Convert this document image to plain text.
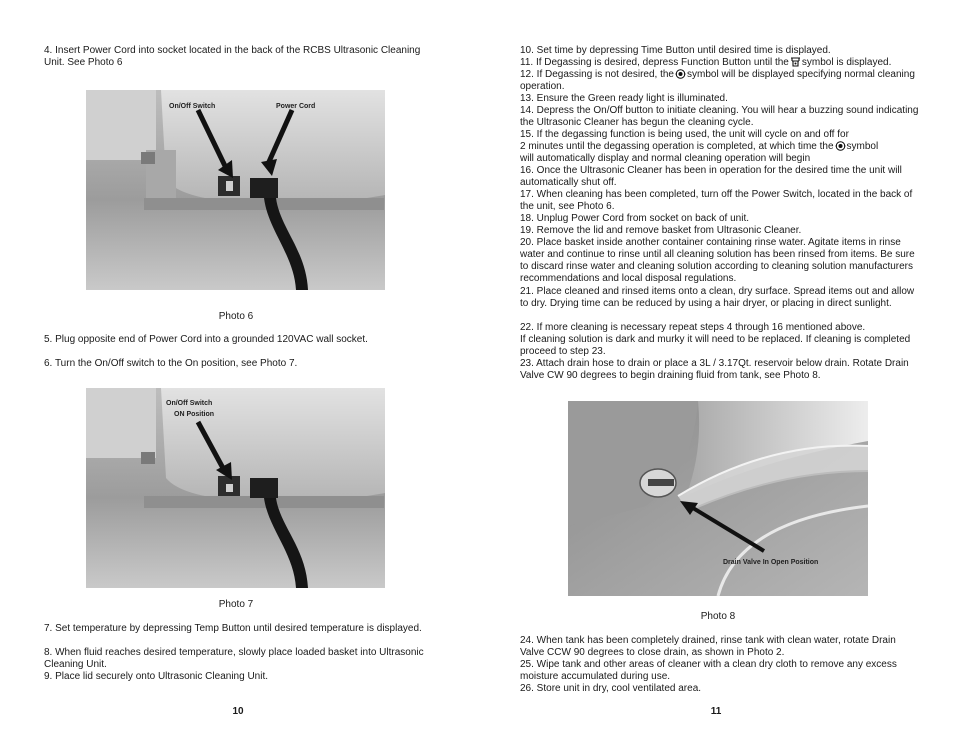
4. Insert Power Cord into socket located in the back of the RCBS Ultrasonic Cleaning Unit. See Photo 6

On/Off Switch	Power Cord
Photo 6

5. Plug opposite end of Power Cord into a grounded 120VAC wall socket.

6. Turn the On/Off switch to the On position, see Photo 7.

On/Off Switch
ON Position
Photo 7

7. Set temperature by depressing Temp Button until desired temperature is displayed.

8. When fluid reaches desired temperature, slowly place loaded basket into Ultrasonic Cleaning Unit.

9. Place lid securely onto Ultrasonic Cleaning Unit.

10

10. Set time by depressing Time Button until desired time is displayed.

11. If Degassing is desired, depress Function Button until the symbol is displayed.

12. If Degassing is not desired, the symbol will be displayed specifying normal cleaning operation.

13. Ensure the Green ready light is illuminated.

14. Depress the On/Off button to initiate cleaning. You will hear a buzzing sound indicating the Ultrasonic Cleaner has begun the cleaning cycle.

15. If the degassing function is being used, the unit will cycle on and off for

2 minutes until the degassing operation is completed, at which time the symbol

will automatically display and normal cleaning operation will begin

16. Once the Ultrasonic Cleaner has been in operation for the desired time the unit will automatically shut off.

17. When cleaning has been completed, turn off the Power Switch, located in the back of the unit, see Photo 6.

18. Unplug Power Cord from socket on back of unit.

19. Remove the lid and remove basket from Ultrasonic Cleaner.

20. Place basket inside another container containing rinse water. Agitate items in rinse water and continue to rinse until all cleaning solution has been rinsed from items. Be sure to discard rinse water and cleaning solution according to cleaning solution manufacturers recommendations and local disposal regulations.

21. Place cleaned and rinsed items onto a clean, dry surface. Spread items out and allow to dry. Drying time can be reduced by using a hair dryer, or placing in direct sunlight.

22. If more cleaning is necessary repeat steps 4 through 16 mentioned above.

If cleaning solution is dark and murky it will need to be replaced. If cleaning is completed proceed to step 23.

23. Attach drain hose to drain or place a 3L / 3.17Qt. reservoir below drain. Rotate Drain Valve CW 90 degrees to begin draining fluid from tank, see Photo 8.

Drain Valve In Open Position
Photo 8

24. When tank has been completely drained, rinse tank with clean water, rotate Drain Valve CCW 90 degrees to close drain, as shown in Photo 2.

25. Wipe tank and other areas of cleaner with a clean dry cloth to remove any excess moisture accumulated during use.

26. Store unit in dry, cool ventilated area.

11
